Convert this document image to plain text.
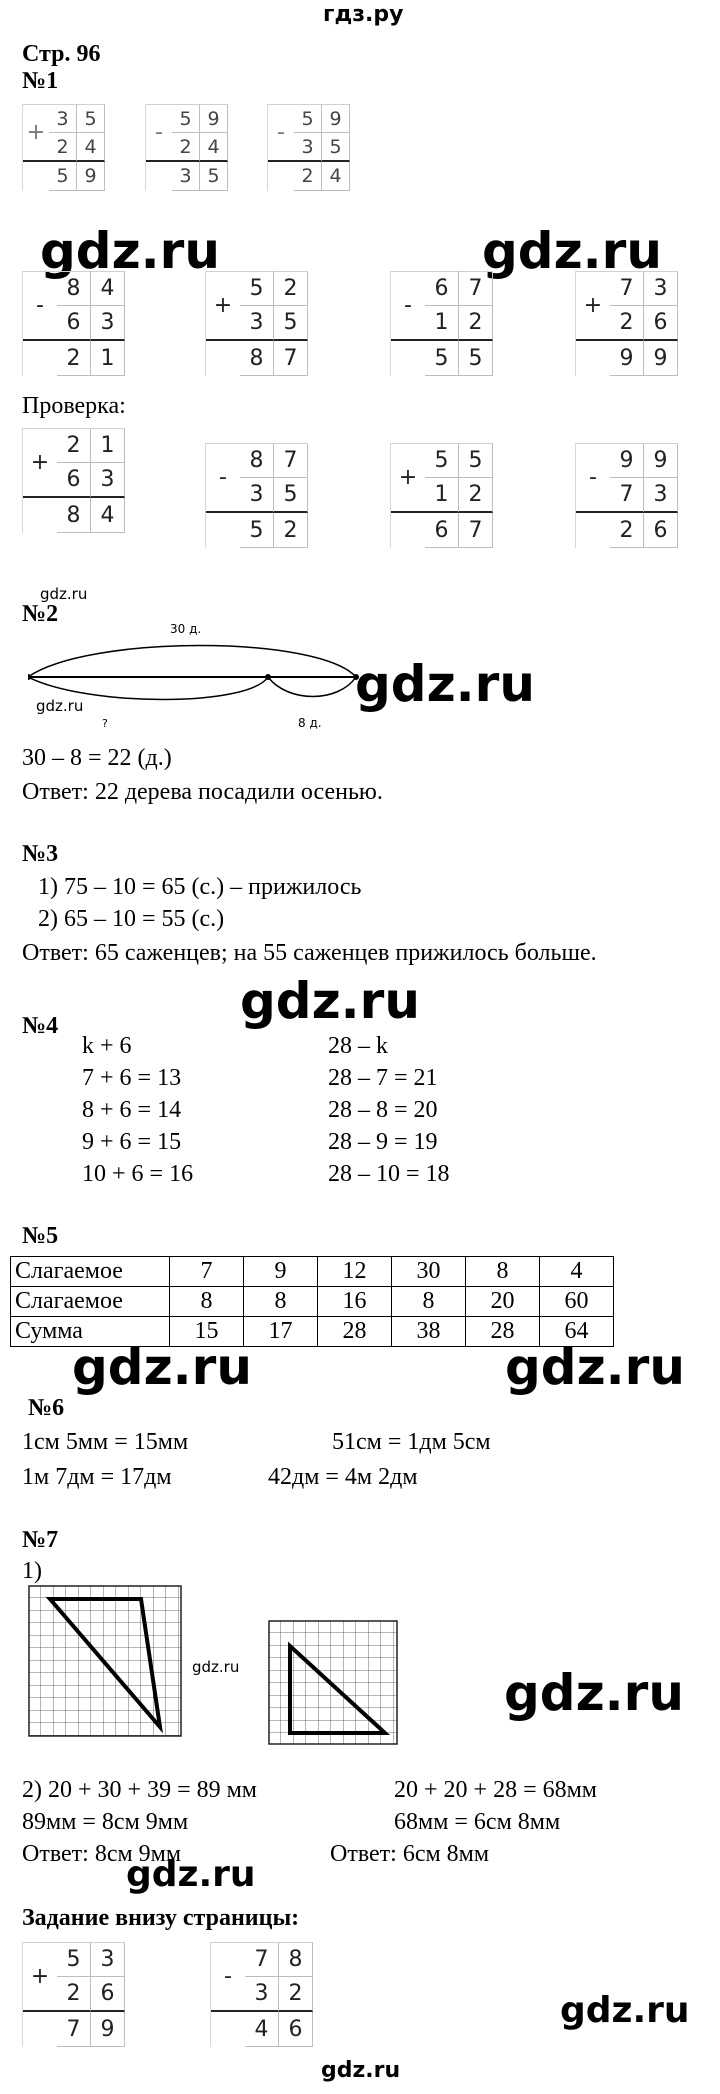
гдз.ру
Стр. 96
№1
+
3 5
2 4
5 9
-
5 9
2 4
3 5
-
5 9
3 5
2 4
gdz.ru	gdz.ru
-
8 4
6 3
2 1
+
5 2
3 5
8 7
-
6 7
1 2
5 5
+
7 3
2 6
9 9
Проверка:
+
2 1
6 3
8 4
-
8 7
3 5
5 2
+
5 5
1 2
6 7
-
9 9
7 3
2 6
gdz.ru
№2
30 д.
?	8 д.
gdz.ru	gdz.ru
30 – 8 = 22 (д.)
Ответ: 22 дерева посадили осенью.
№3
1) 75 – 10 = 65 (с.) – прижилось
2) 65 – 10 = 55 (с.)
Ответ: 65 саженцев; на 55 саженцев прижилось больше.
gdz.ru
№4
k + 6
7 + 6 = 13
8 + 6 = 14
9 + 6 = 15
10 + 6 = 16
28 – k
28 – 7 = 21
28 – 8 = 20
28 – 9 = 19
28 – 10 = 18
№5
Слагаемое	7	9	12	30	8	4
Слагаемое	8	8	16	8	20	60
Сумма	15	17	28	38	28	64
gdz.ru	gdz.ru
№6
1см 5мм = 15мм	51см = 1дм 5см
1м 7дм = 17дм	42дм = 4м 2дм
№7
1)
gdz.ru	gdz.ru
2) 20 + 30 + 39 = 89 мм
89мм = 8см 9мм
Ответ: 8см 9мм
20 + 20 + 28 = 68мм
68мм = 6см 8мм
Ответ: 6см 8мм
gdz.ru
Задание внизу страницы:
+
5 3
2 6
7 9
-
7 8
3 2
4 6	gdz.ru
gdz.ru
